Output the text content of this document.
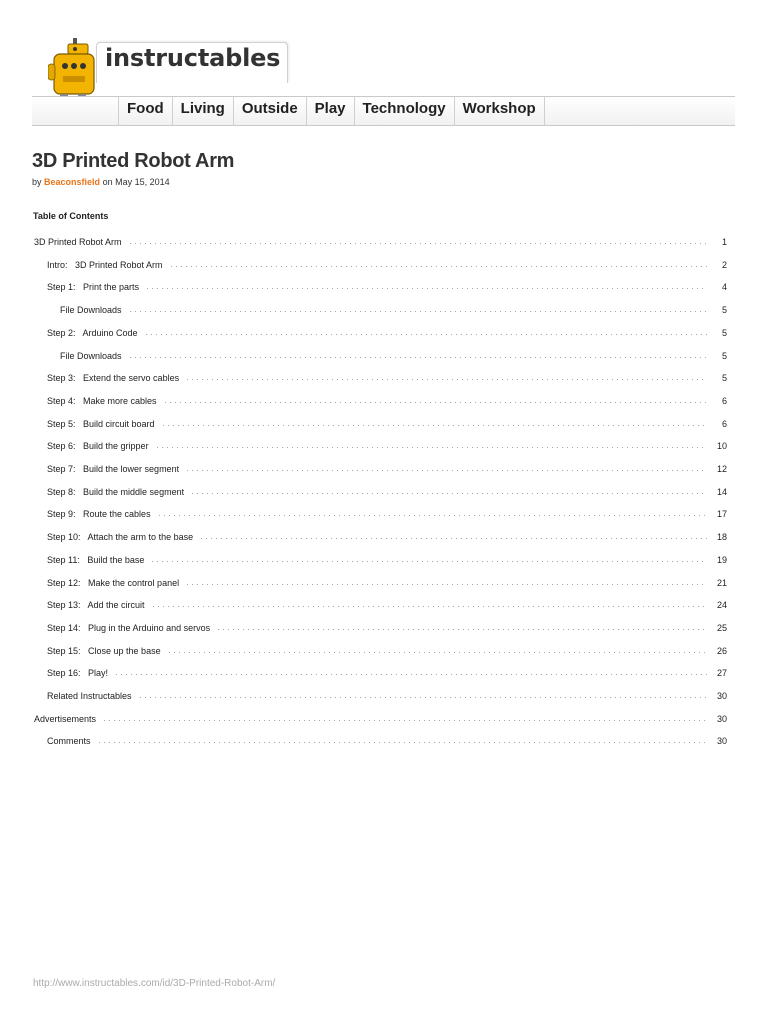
instructables
Food	Living	Outside	Play	Technology	Workshop
3D Printed Robot Arm
by Beaconsfield on May 15, 2014
Table of Contents
3D Printed Robot Arm	1
Intro:   3D Printed Robot Arm	2
Step 1:   Print the parts	4
File Downloads	5
Step 2:   Arduino Code	5
File Downloads	5
Step 3:   Extend the servo cables	5
Step 4:   Make more cables	6
Step 5:   Build circuit board	6
Step 6:   Build the gripper	10
Step 7:   Build the lower segment	12
Step 8:   Build the middle segment	14
Step 9:   Route the cables	17
Step 10:   Attach the arm to the base	18
Step 11:   Build the base	19
Step 12:   Make the control panel	21
Step 13:   Add the circuit	24
Step 14:   Plug in the Arduino and servos	25
Step 15:   Close up the base	26
Step 16:   Play!	27
Related Instructables	30
Advertisements	30
Comments	30
http://www.instructables.com/id/3D-Printed-Robot-Arm/
